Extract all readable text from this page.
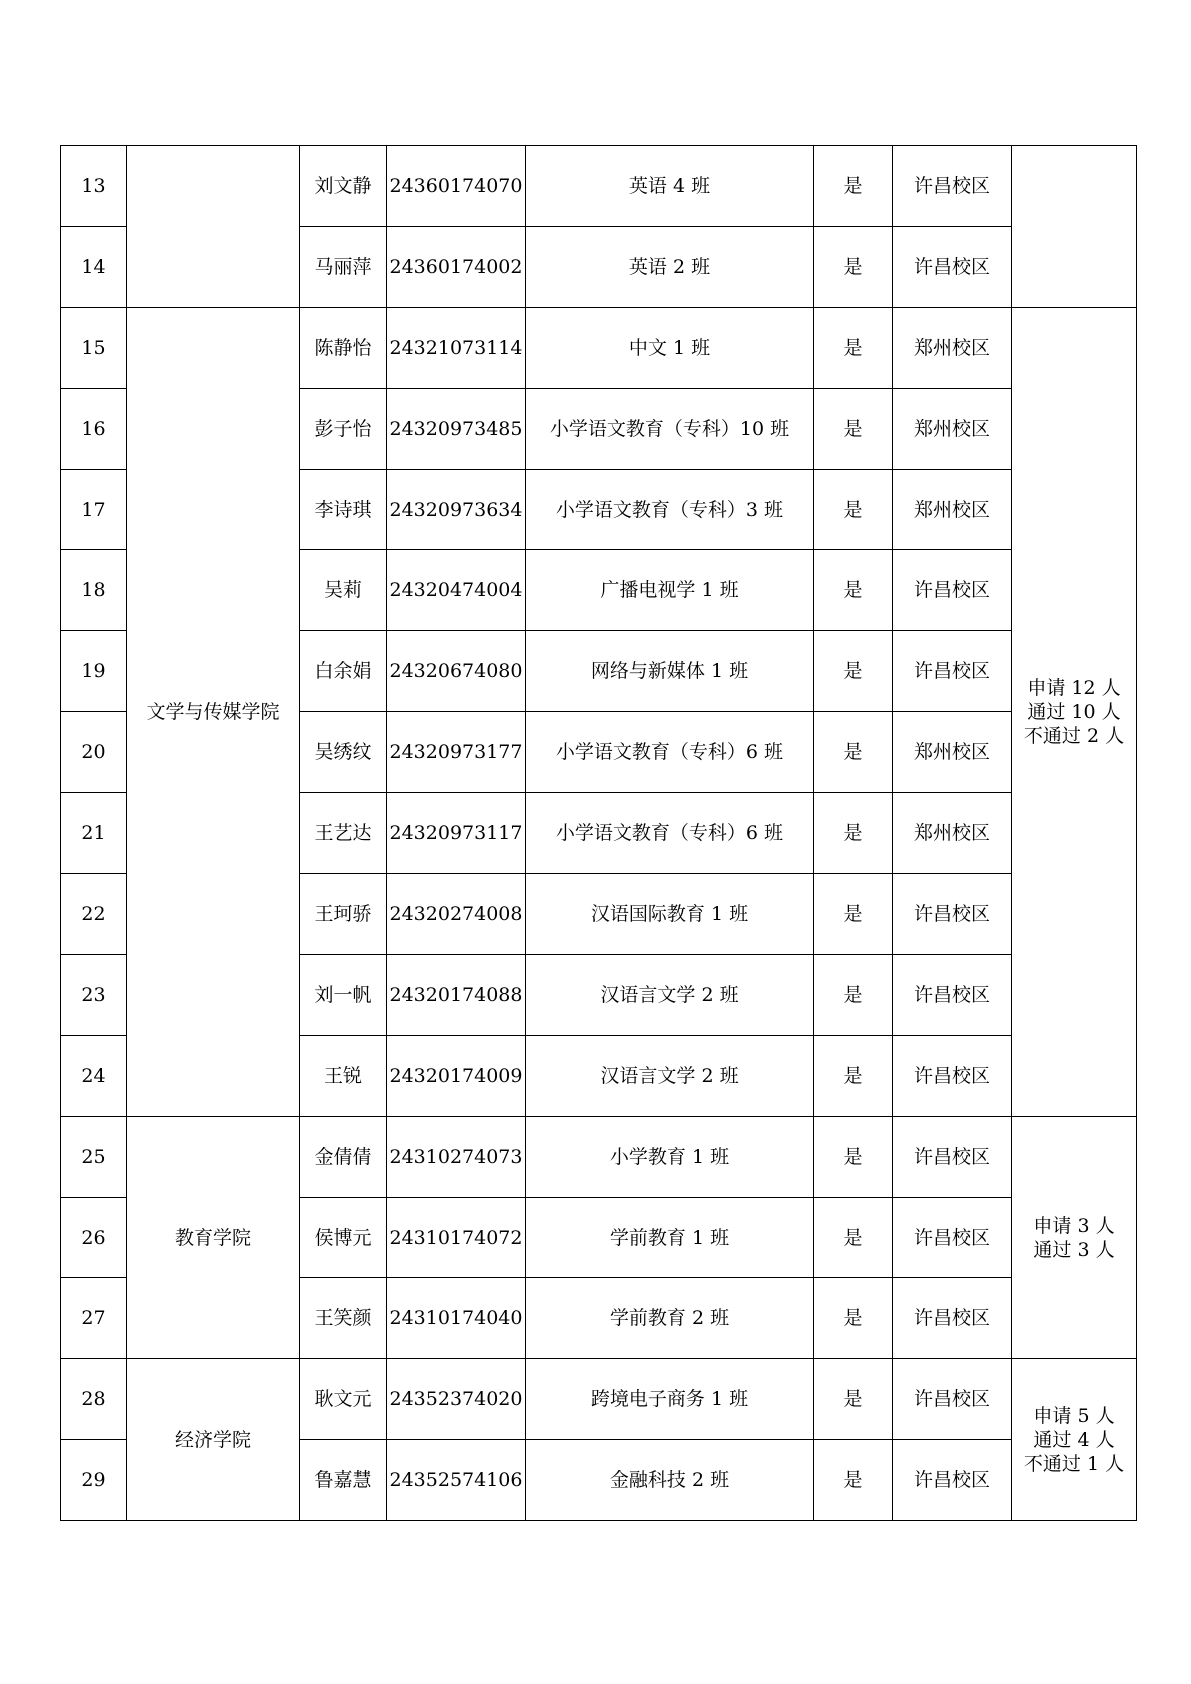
13		刘文静	24360174070	英语 4 班	是	许昌校区	
14		马丽萍	24360174002	英语 2 班	是	许昌校区	
15	文学与传媒学院	陈静怡	24321073114	中文 1 班	是	郑州校区	申请 12 人
通过 10 人
不通过 2 人

16		彭子怡	24320973485	小学语文教育（专科）10 班	是	郑州校区	
17		李诗琪	24320973634	小学语文教育（专科）3 班	是	郑州校区	
18		吴莉	24320474004	广播电视学 1 班	是	许昌校区	
19		白余娟	24320674080	网络与新媒体 1 班	是	许昌校区	
20		吴绣纹	24320973177	小学语文教育（专科）6 班	是	郑州校区	
21		王艺达	24320973117	小学语文教育（专科）6 班	是	郑州校区	
22		王珂骄	24320274008	汉语国际教育 1 班	是	许昌校区	
23		刘一帆	24320174088	汉语言文学 2 班	是	许昌校区	
24		王锐	24320174009	汉语言文学 2 班	是	许昌校区	
25	教育学院	金倩倩	24310274073	小学教育 1 班	是	许昌校区	申请 3 人
通过 3 人

26		侯博元	24310174072	学前教育 1 班	是	许昌校区	
27		王笑颜	24310174040	学前教育 2 班	是	许昌校区	
28	经济学院	耿文元	24352374020	跨境电子商务 1 班	是	许昌校区	申请 5 人
通过 4 人
不通过 1 人

29		鲁嘉慧	24352574106	金融科技 2 班	是	许昌校区	
